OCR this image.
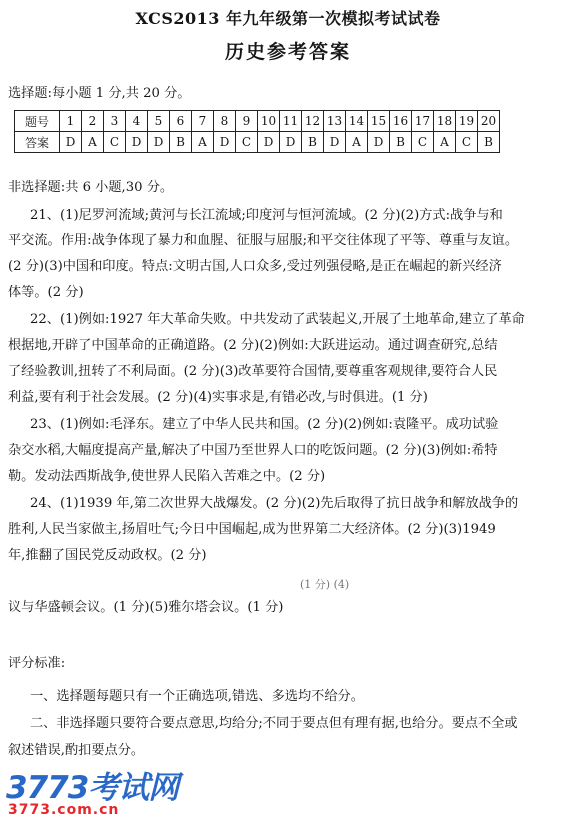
XCS2013 年九年级第一次模拟考试试卷
历史参考答案
选择题:每小题 1 分,共 20 分。
题号	1	2	3	4	5	6	7	8	9	10	11	12	13	14	15	16	17	18	19	20
答案	D	A	C	D	D	B	A	D	C	D	D	B	D	A	D	B	C	A	C	B
非选择题:共 6 小题,30 分。
21、(1)尼罗河流域;黄河与长江流域;印度河与恒河流域。(2 分)(2)方式:战争与和
平交流。作用:战争体现了暴力和血腥、征服与屈服;和平交往体现了平等、尊重与友谊。
(2 分)(3)中国和印度。特点:文明古国,人口众多,受过列强侵略,是正在崛起的新兴经济
体等。(2 分)
22、(1)例如:1927 年大革命失败。中共发动了武装起义,开展了土地革命,建立了革命
根据地,开辟了中国革命的正确道路。(2 分)(2)例如:大跃进运动。通过调查研究,总结
了经验教训,扭转了不利局面。(2 分)(3)改革要符合国情,要尊重客观规律,要符合人民
利益,要有利于社会发展。(2 分)(4)实事求是,有错必改,与时俱进。(1 分)
23、(1)例如:毛泽东。建立了中华人民共和国。(2 分)(2)例如:袁隆平。成功试验
杂交水稻,大幅度提高产量,解决了中国乃至世界人口的吃饭问题。(2 分)(3)例如:希特
勒。发动法西斯战争,使世界人民陷入苦难之中。(2 分)
24、(1)1939 年,第二次世界大战爆发。(2 分)(2)先后取得了抗日战争和解放战争的
胜利,人民当家做主,扬眉吐气;今日中国崛起,成为世界第二大经济体。(2 分)(3)1949
年,推翻了国民党反动政权。(2 分)
(1 分) (4)
议与华盛顿会议。(1 分)(5)雅尔塔会议。(1 分)
评分标准:
一、选择题每题只有一个正确选项,错选、多选均不给分。
二、非选择题只要符合要点意思,均给分;不同于要点但有理有据,也给分。要点不全或
叙述错误,酌扣要点分。
3773考试网
3773.com.cn
